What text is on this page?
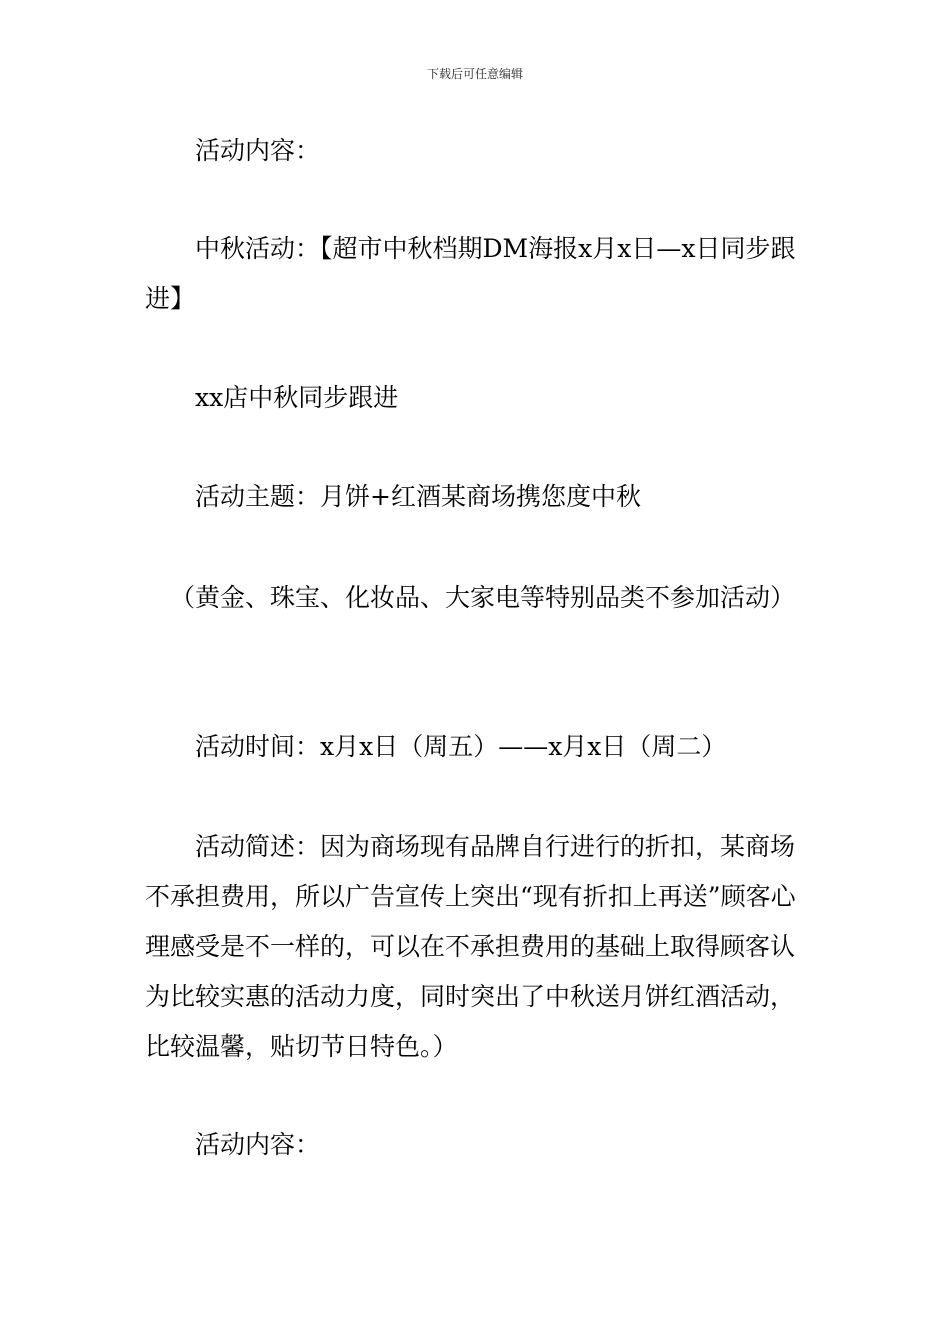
下载后可任意编辑

活动内容：

中秋活动：【超市中秋档期DM海报x月x日—x日同步跟进】

xx店中秋同步跟进

活动主题：月饼+红酒某商场携您度中秋

（黄金、珠宝、化妆品、大家电等特别品类不参加活动）

活动时间：x月x日（周五）——x月x日（周二）

活动简述：因为商场现有品牌自行进行的折扣，某商场不承担费用，所以广告宣传上突出“现有折扣上再送”顾客心理感受是不一样的，可以在不承担费用的基础上取得顾客认为比较实惠的活动力度，同时突出了中秋送月饼红酒活动，比较温馨，贴切节日特色。）

活动内容：
